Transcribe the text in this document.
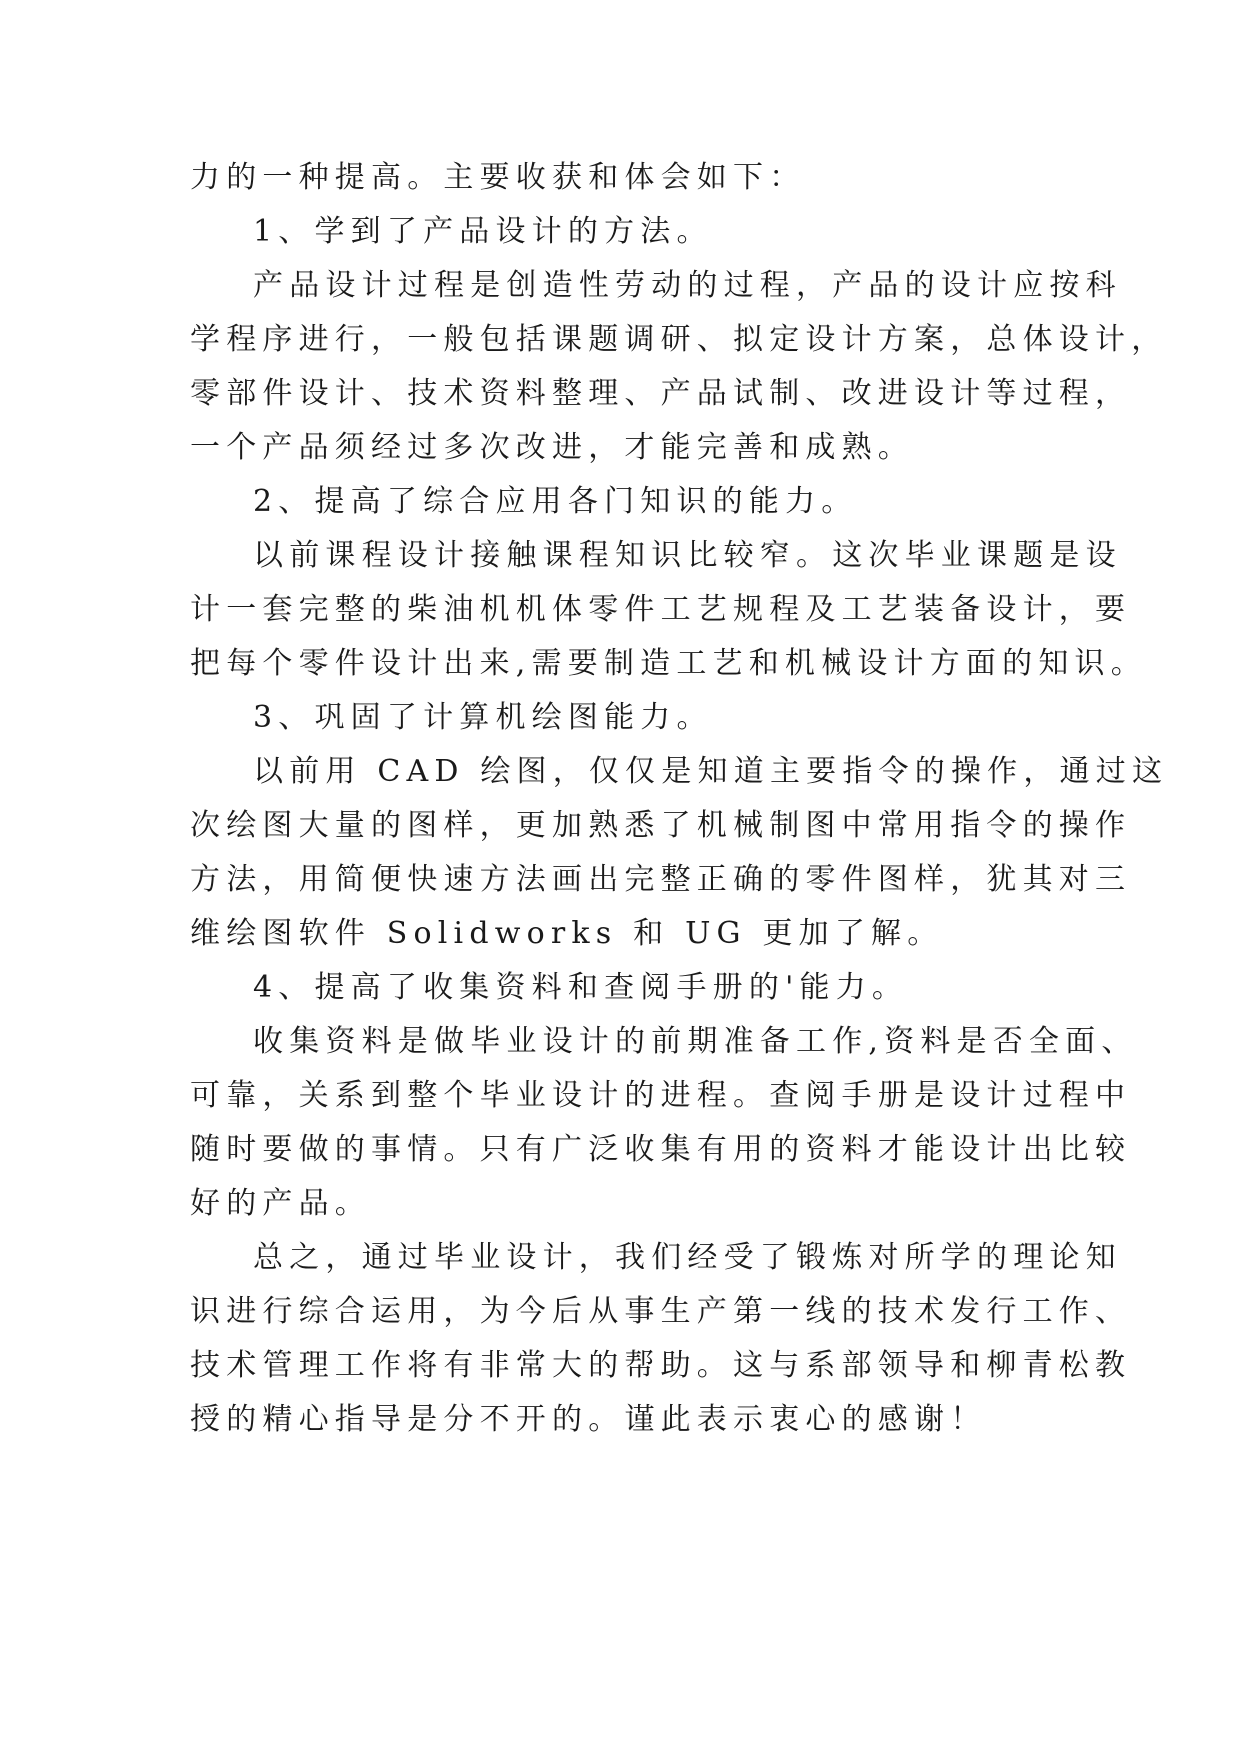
力的一种提高。主要收获和体会如下：
1、学到了产品设计的方法。
产品设计过程是创造性劳动的过程，产品的设计应按科
学程序进行，一般包括课题调研、拟定设计方案，总体设计，
零部件设计、技术资料整理、产品试制、改进设计等过程，
一个产品须经过多次改进，才能完善和成熟。
2、提高了综合应用各门知识的能力。
以前课程设计接触课程知识比较窄。这次毕业课题是设
计一套完整的柴油机机体零件工艺规程及工艺装备设计，要
把每个零件设计出来,需要制造工艺和机械设计方面的知识。
3、巩固了计算机绘图能力。
以前用 CAD 绘图，仅仅是知道主要指令的操作，通过这
次绘图大量的图样，更加熟悉了机械制图中常用指令的操作
方法，用简便快速方法画出完整正确的零件图样，犹其对三
维绘图软件 Solidworks 和 UG 更加了解。
4、提高了收集资料和查阅手册的'能力。
收集资料是做毕业设计的前期准备工作,资料是否全面、
可靠，关系到整个毕业设计的进程。查阅手册是设计过程中
随时要做的事情。只有广泛收集有用的资料才能设计出比较
好的产品。
总之，通过毕业设计，我们经受了锻炼对所学的理论知
识进行综合运用，为今后从事生产第一线的技术发行工作、
技术管理工作将有非常大的帮助。这与系部领导和柳青松教
授的精心指导是分不开的。谨此表示衷心的感谢！
